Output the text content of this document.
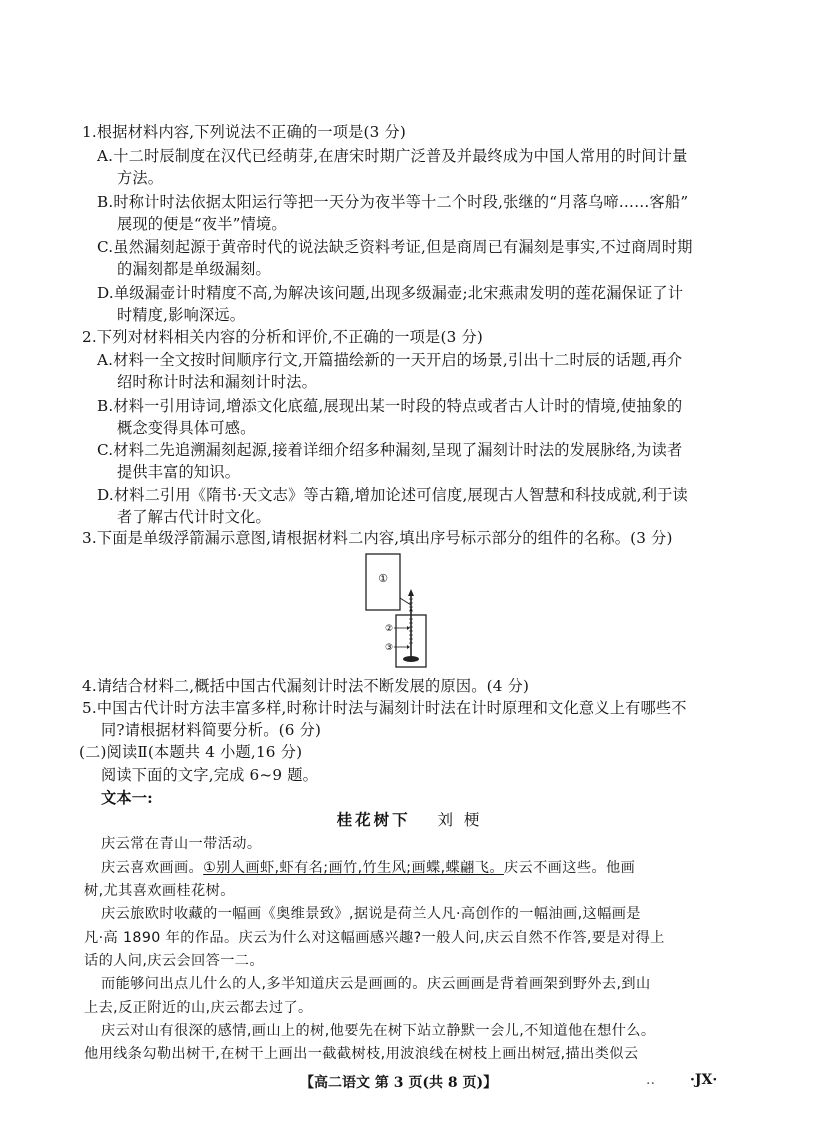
1.根据材料内容,下列说法不正确的一项是(3 分)
A.十二时辰制度在汉代已经萌芽,在唐宋时期广泛普及并最终成为中国人常用的时间计量
方法。
B.时称计时法依据太阳运行等把一天分为夜半等十二个时段,张继的“月落乌啼……客船”
展现的便是“夜半”情境。
C.虽然漏刻起源于黄帝时代的说法缺乏资料考证,但是商周已有漏刻是事实,不过商周时期
的漏刻都是单级漏刻。
D.单级漏壶计时精度不高,为解决该问题,出现多级漏壶;北宋燕肃发明的莲花漏保证了计
时精度,影响深远。
2.下列对材料相关内容的分析和评价,不正确的一项是(3 分)
A.材料一全文按时间顺序行文,开篇描绘新的一天开启的场景,引出十二时辰的话题,再介
绍时称计时法和漏刻计时法。
B.材料一引用诗词,增添文化底蕴,展现出某一时段的特点或者古人计时的情境,使抽象的
概念变得具体可感。
C.材料二先追溯漏刻起源,接着详细介绍多种漏刻,呈现了漏刻计时法的发展脉络,为读者
提供丰富的知识。
D.材料二引用《隋书·天文志》等古籍,增加论述可信度,展现古人智慧和科技成就,利于读
者了解古代计时文化。
3.下面是单级浮箭漏示意图,请根据材料二内容,填出序号标示部分的组件的名称。(3 分)
①
②
③
4.请结合材料二,概括中国古代漏刻计时法不断发展的原因。(4 分)
5.中国古代计时方法丰富多样,时称计时法与漏刻计时法在计时原理和文化意义上有哪些不
同?请根据材料简要分析。(6 分)
(二)阅读Ⅱ(本题共 4 小题,16 分)
阅读下面的文字,完成 6~9 题。
文本一:
桂花树下 刘 梗
庆云常在青山一带活动。
庆云喜欢画画。①别人画虾,虾有名;画竹,竹生风;画蝶,蝶翩飞。庆云不画这些。他画
树,尤其喜欢画桂花树。
庆云旅欧时收藏的一幅画《奥维景致》,据说是荷兰人凡·高创作的一幅油画,这幅画是
凡·高 1890 年的作品。庆云为什么对这幅画感兴趣?一般人问,庆云自然不作答,要是对得上
话的人问,庆云会回答一二。
而能够问出点儿什么的人,多半知道庆云是画画的。庆云画画是背着画架到野外去,到山
上去,反正附近的山,庆云都去过了。
庆云对山有很深的感情,画山上的树,他要先在树下站立静默一会儿,不知道他在想什么。
他用线条勾勒出树干,在树干上画出一截截树枝,用波浪线在树枝上画出树冠,描出类似云
【高二语文 第 3 页(共 8 页)】	..	·JX·
